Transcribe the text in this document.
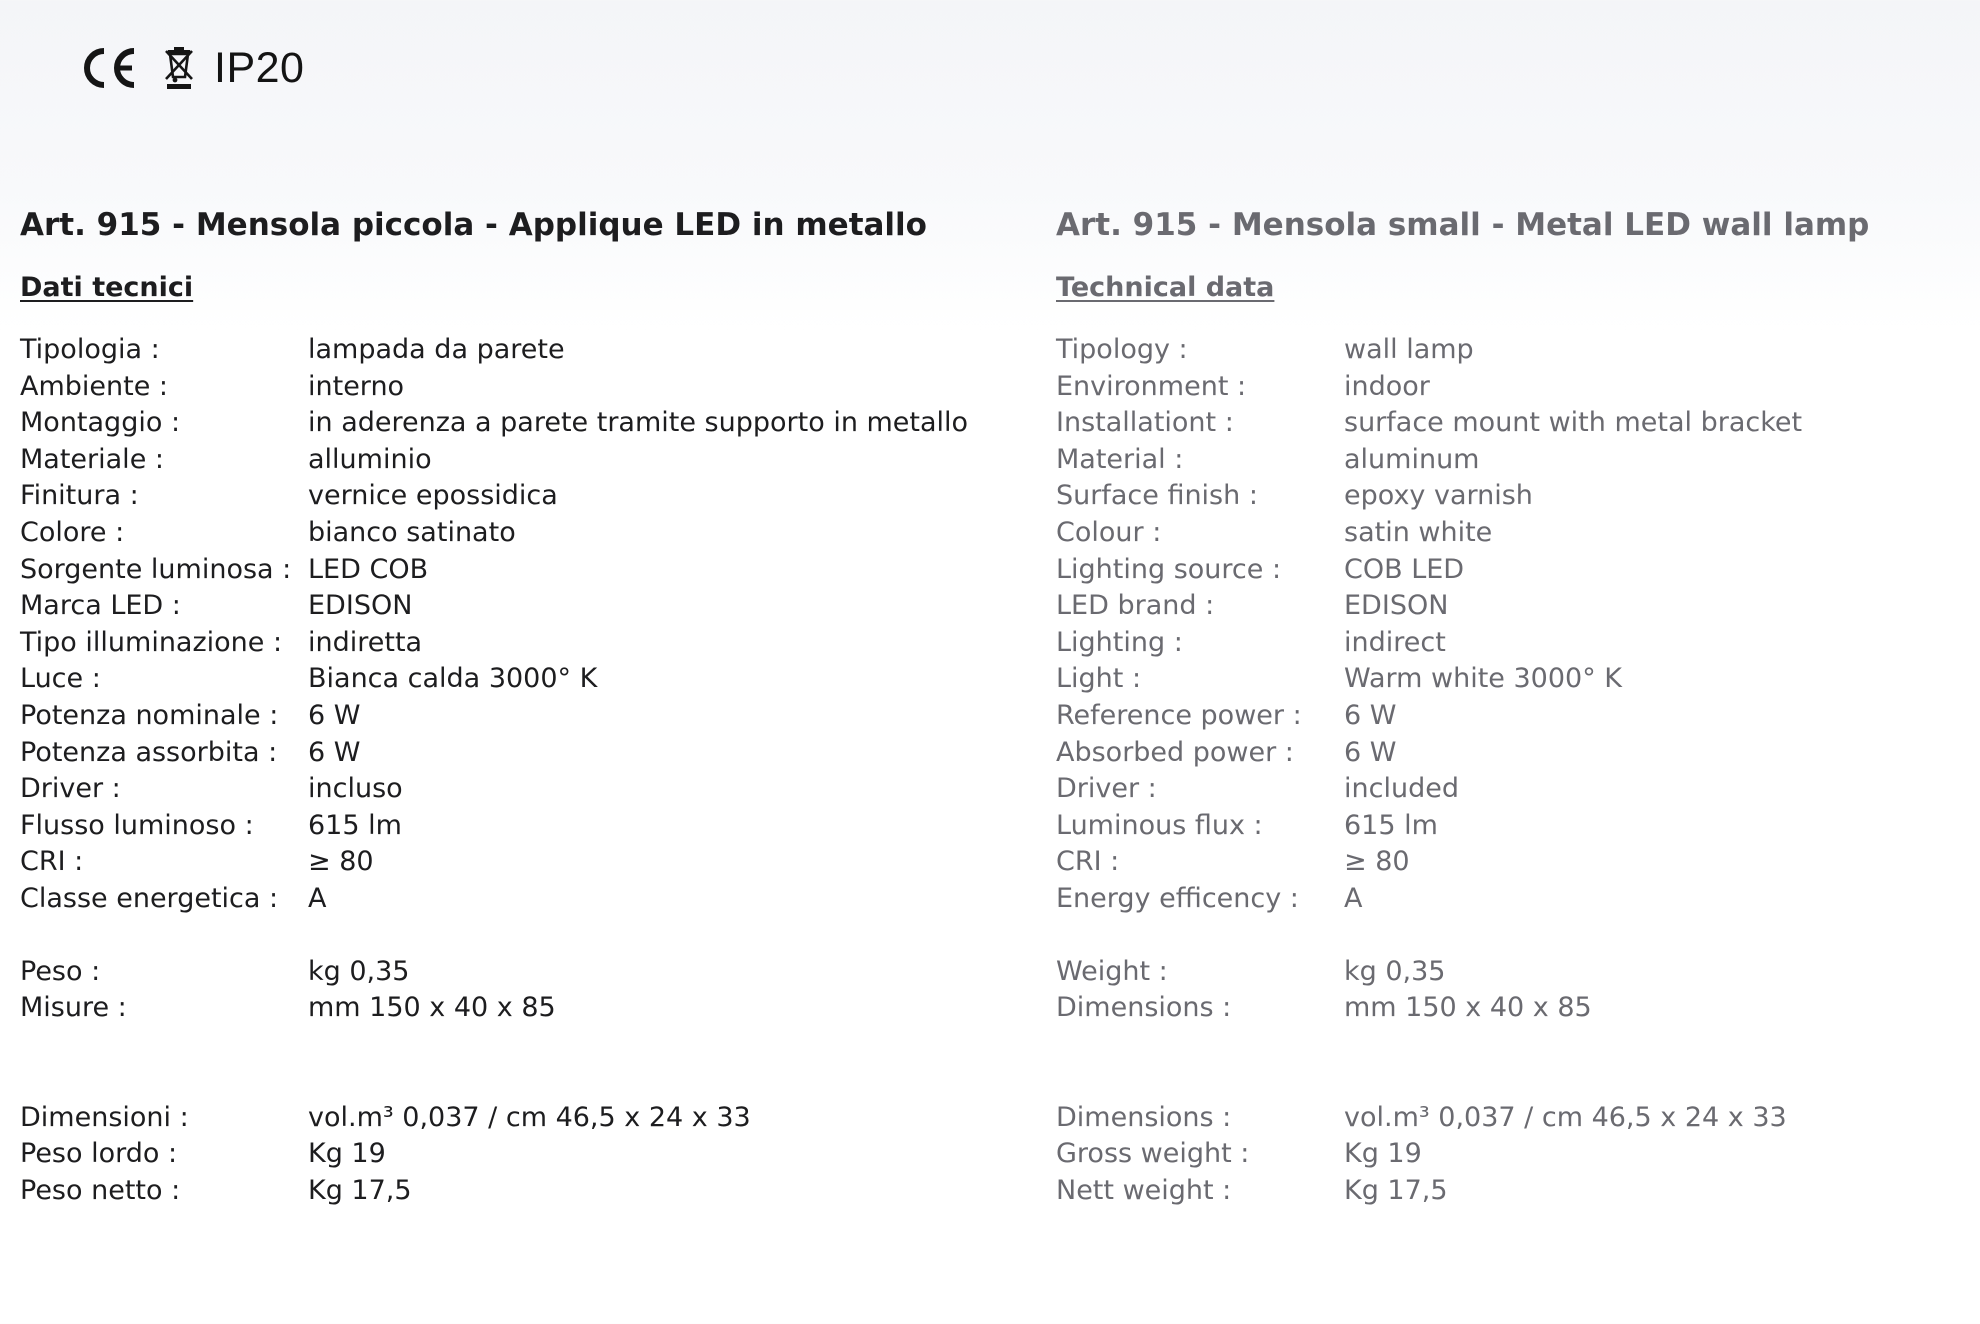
IP20
Art. 915 - Mensola piccola - Applique LED in metallo
Dati tecnici
Tipologia :	lampada da parete
Ambiente :	interno
Montaggio :	in aderenza a parete tramite supporto in metallo
Materiale :	alluminio
Finitura :	vernice epossidica
Colore :	bianco satinato
Sorgente luminosa : LED COB
Marca LED :	EDISON
Tipo illuminazione : indiretta
Luce :	Bianca calda 3000° K
Potenza nominale :	6 W
Potenza assorbita :	6 W
Driver :	incluso
Flusso luminoso :	615 lm
CRI :	≥ 80
Classe energetica :	A
Peso :	kg 0,35
Misure :	mm 150 x 40 x 85
Dimensioni :	vol.m³ 0,037 / cm 46,5 x 24 x 33
Peso lordo :	Kg 19
Peso netto :	Kg 17,5
Art. 915 - Mensola small - Metal LED wall lamp
Technical data
Tipology :	wall lamp
Environment :	indoor
Installationt :	surface mount with metal bracket
Material :	aluminum
Surface finish :	epoxy varnish
Colour :	satin white
Lighting source :	COB LED
LED brand :	EDISON
Lighting :	indirect
Light :	Warm white 3000° K
Reference power :	6 W
Absorbed power :	6 W
Driver :	included
Luminous flux :	615 lm
CRI :	≥ 80
Energy efficency :	A
Weight :	kg 0,35
Dimensions :	mm 150 x 40 x 85
Dimensions :	vol.m³ 0,037 / cm 46,5 x 24 x 33
Gross weight :	Kg 19
Nett weight :	Kg 17,5
